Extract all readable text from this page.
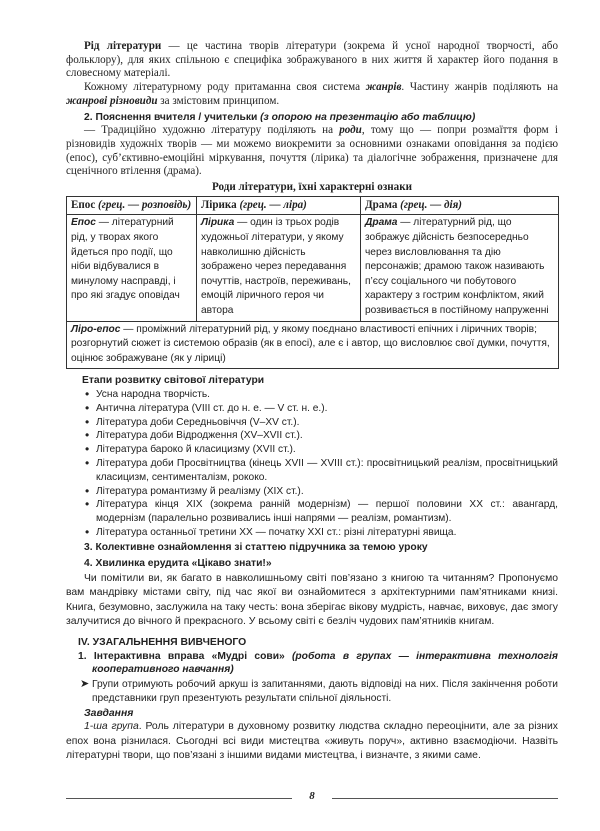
Рід літератури — це частина творів літератури (зокрема й усної народної творчості, або фольклору), для яких спільною є специфіка зображуваного в них життя й характер його подання в словесному матеріалі.

Кожному літературному роду притаманна своя система жанрів. Частину жанрів поділяють на жанрові різновиди за змістовим принципом.

2. Пояснення вчителя / учительки (з опорою на презентацію або таблицю)

— Традиційно художню літературу поділяють на роди, тому що — попри розмаїття форм і різновидів художніх творів — ми можемо виокремити за основними ознаками оповідання за подією (епос), суб’єктивно-емоційні міркування, почуття (лірика) та діалогічне зображення, призначене для сценічного втілення (драма).

Роди літератури, їхні характерні ознаки
Епос (грец. — розповідь)	Лірика (грец. — ліра)	Драма (грец. — дія)
Епос — літературний рід, у творах якого йдеться про події, що ніби відбувалися в минулому насправді, і про які згадує оповідач	Лірика — один із трьох родів художньої літератури, у якому навколишню дійсність зображено через передавання почуттів, настроїв, переживань, емоцій ліричного героя чи автора	Драма — літературний рід, що зображує дійсність безпосередньо через висловлювання та дію персонажів; драмою також називають п’єсу соціального чи побутового характеру з гострим конфліктом, який розвивається в постійному напруженні
Ліро-епос — проміжний літературний рід, у якому поєднано властивості епічних і ліричних творів; розгорнутий сюжет із системою образів (як в епосі), але є і автор, що висловлює свої думки, почуття, оцінює зображуване (як у ліриці)		
Етапи розвитку світової літератури
• Усна народна творчість.
• Антична література (VIII ст. до н. е. — V ст. н. е.).
• Література доби Середньовіччя (V–XV ст.).
• Література доби Відродження (XV–XVII ст.).
• Література бароко й класицизму (XVII ст.).
• Література доби Просвітництва (кінець XVII — XVIII ст.): просвітницький реалізм, просвітницький класицизм, сентименталізм, рококо.
• Література романтизму й реалізму (XIX ст.).
• Література кінця XIX (зокрема ранній модернізм) — першої половини XX ст.: авангард, модернізм (паралельно розвивались інші напрями — реалізм, романтизм).
• Література останньої третини XX — початку XXI ст.: різні літературні явища.

3. Колективне ознайомлення зі статтею підручника за темою уроку

4. Хвилинка ерудита «Цікаво знати!»

Чи помітили ви, як багато в навколишньому світі пов’язано з книгою та читанням? Пропонуємо вам мандрівку містами світу, під час якої ви ознайомитеся з архітектурними пам’ятниками книзі. Книга, безумовно, заслужила на таку честь: вона зберігає вікову мудрість, навчає, виховує, дає змогу залучитися до вічного й прекрасного. У всьому світі є безліч чудових пам’ятників книгам.

IV. УЗАГАЛЬНЕННЯ ВИВЧЕНОГО

1. Інтерактивна вправа «Мудрі сови» (робота в групах — інтерактивна технологія кооперативного навчання)

➤ Групи отримують робочий аркуш із запитаннями, дають відповіді на них. Після закінчення роботи представники груп презентують результати спільної діяльності.

Завдання

1-ша група. Роль літератури в духовному розвитку людства складно переоцінити, але за різних епох вона різнилася. Сьогодні всі види мистецтва «живуть поруч», активно взаємодіючи. Назвіть літературні твори, що пов’язані з іншими видами мистецтва, і визначте, з якими саме.

8
